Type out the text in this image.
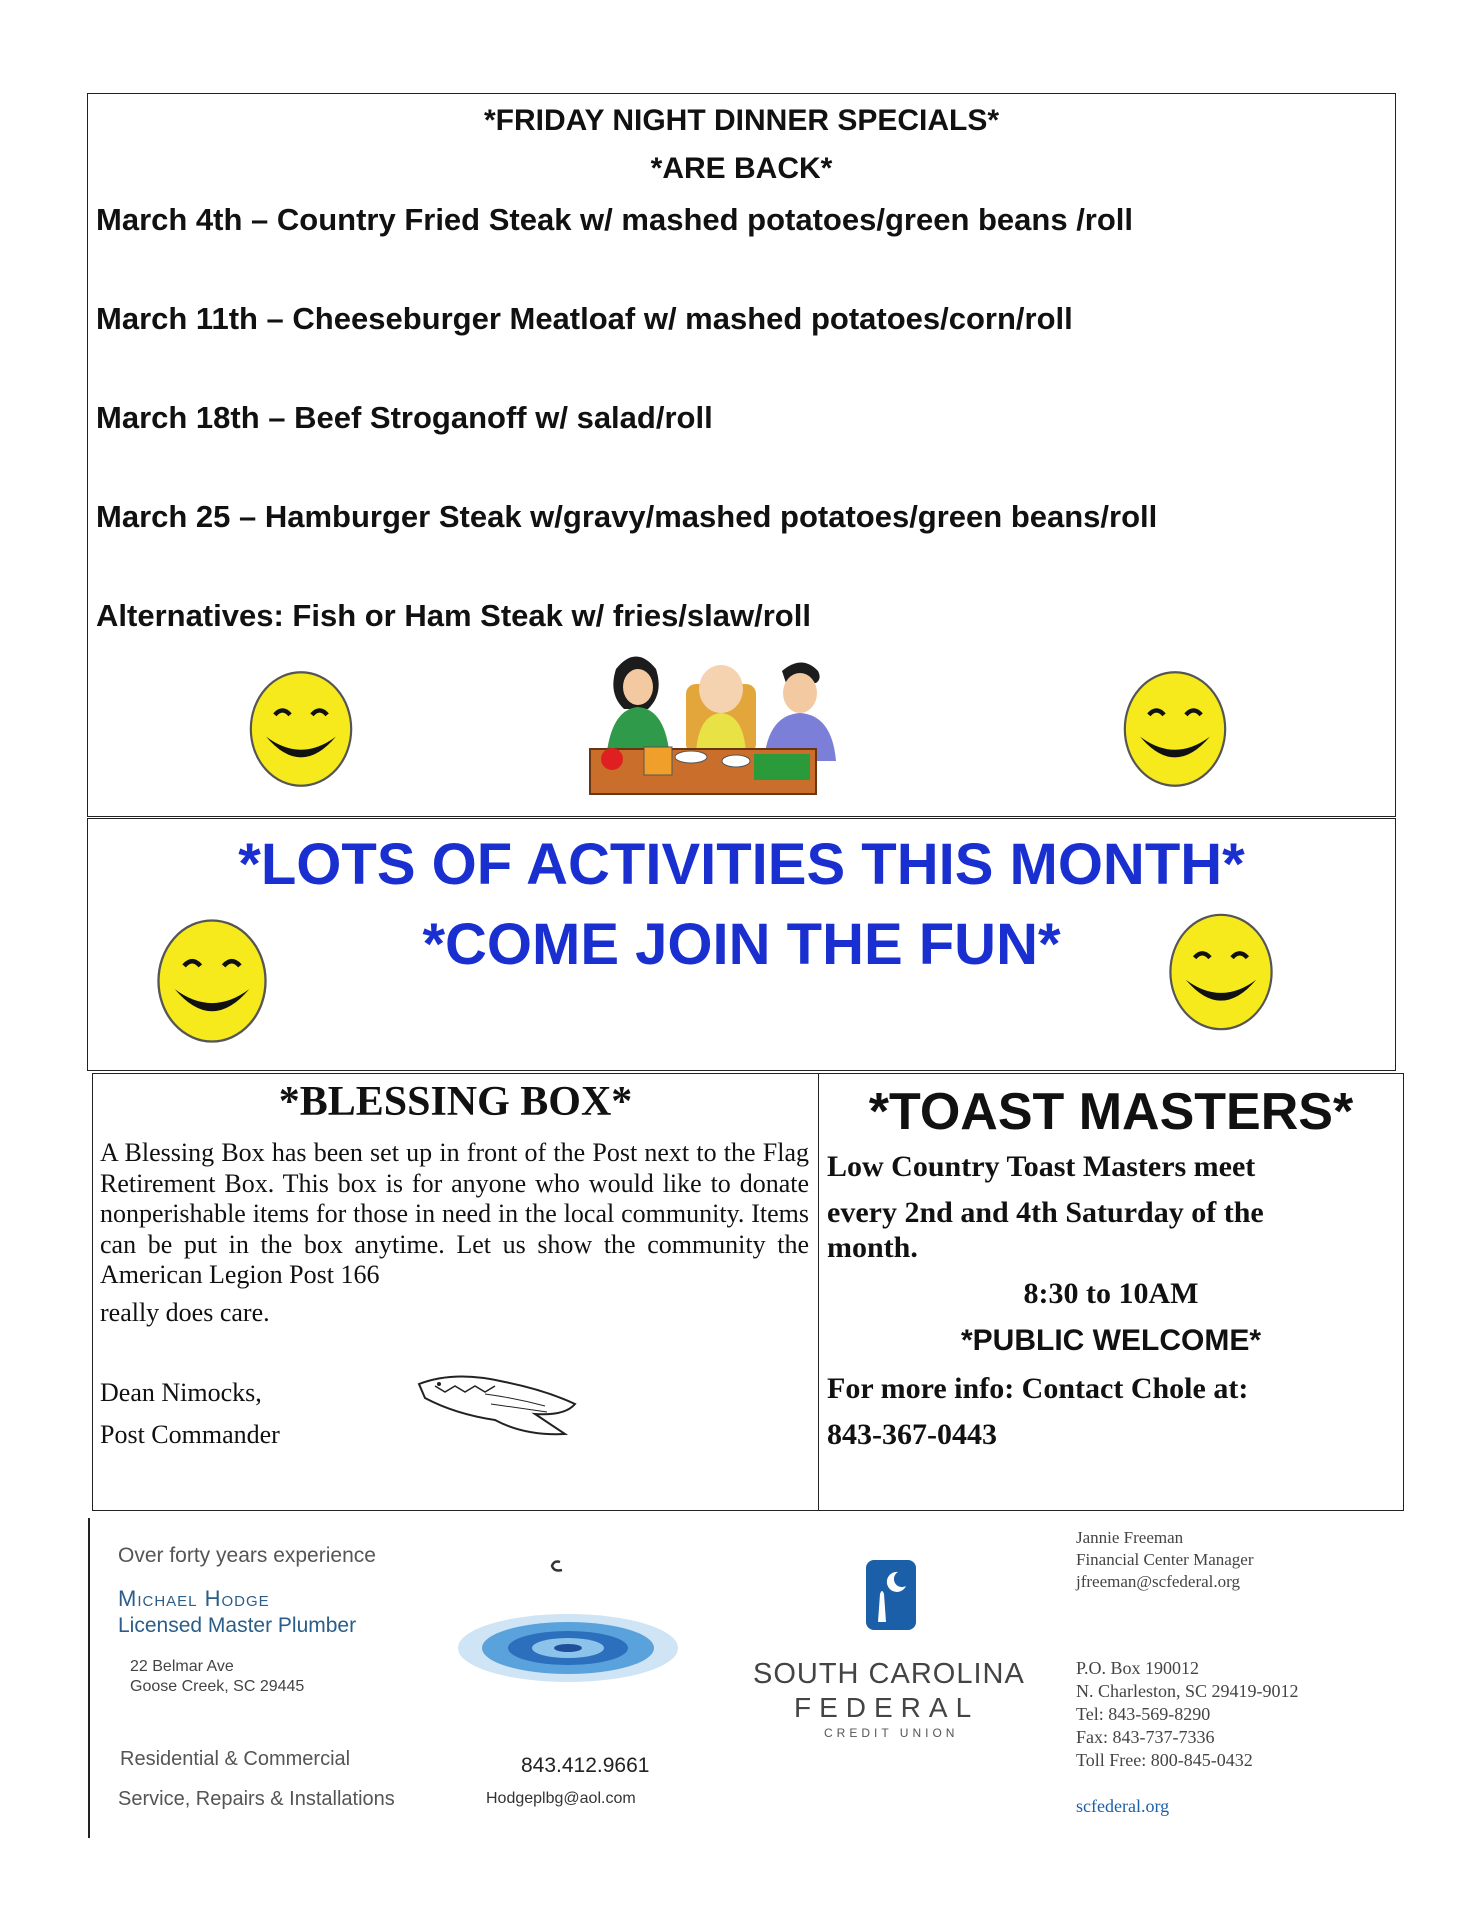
*FRIDAY NIGHT DINNER SPECIALS*
*ARE BACK*
March 4th – Country Fried Steak w/ mashed potatoes/green beans /roll
March 11th – Cheeseburger Meatloaf w/ mashed potatoes/corn/roll
March 18th – Beef Stroganoff w/ salad/roll
March 25 – Hamburger Steak w/gravy/mashed potatoes/green beans/roll
Alternatives: Fish or Ham Steak w/ fries/slaw/roll
*LOTS OF ACTIVITIES THIS MONTH*
*COME JOIN THE FUN*
*BLESSING BOX*
A Blessing Box has been set up in front of the Post next to the Flag Retirement Box. This box is for anyone who would like to donate nonperishable items for those in need in the local community. Items can be put in the box anytime. Let us show the community the American Legion Post 166
really does care.
Dean Nimocks,
Post Commander
*TOAST MASTERS*
Low Country Toast Masters meet
every 2nd and 4th Saturday of the
month.
8:30 to 10AM
*PUBLIC WELCOME*
For more info: Contact Chole at:
843-367-0443
Over forty years experience
Michael Hodge
Licensed Master Plumber
22 Belmar Ave
Goose Creek, SC 29445
Residential & Commercial
Service, Repairs & Installations
843.412.9661
Hodgeplbg@aol.com
SOUTH CAROLINA
FEDERAL
CREDIT UNION
Jannie Freeman
Financial Center Manager
jfreeman@scfederal.org
P.O. Box 190012
N. Charleston, SC 29419-9012
Tel: 843-569-8290
Fax: 843-737-7336
Toll Free: 800-845-0432
scfederal.org
